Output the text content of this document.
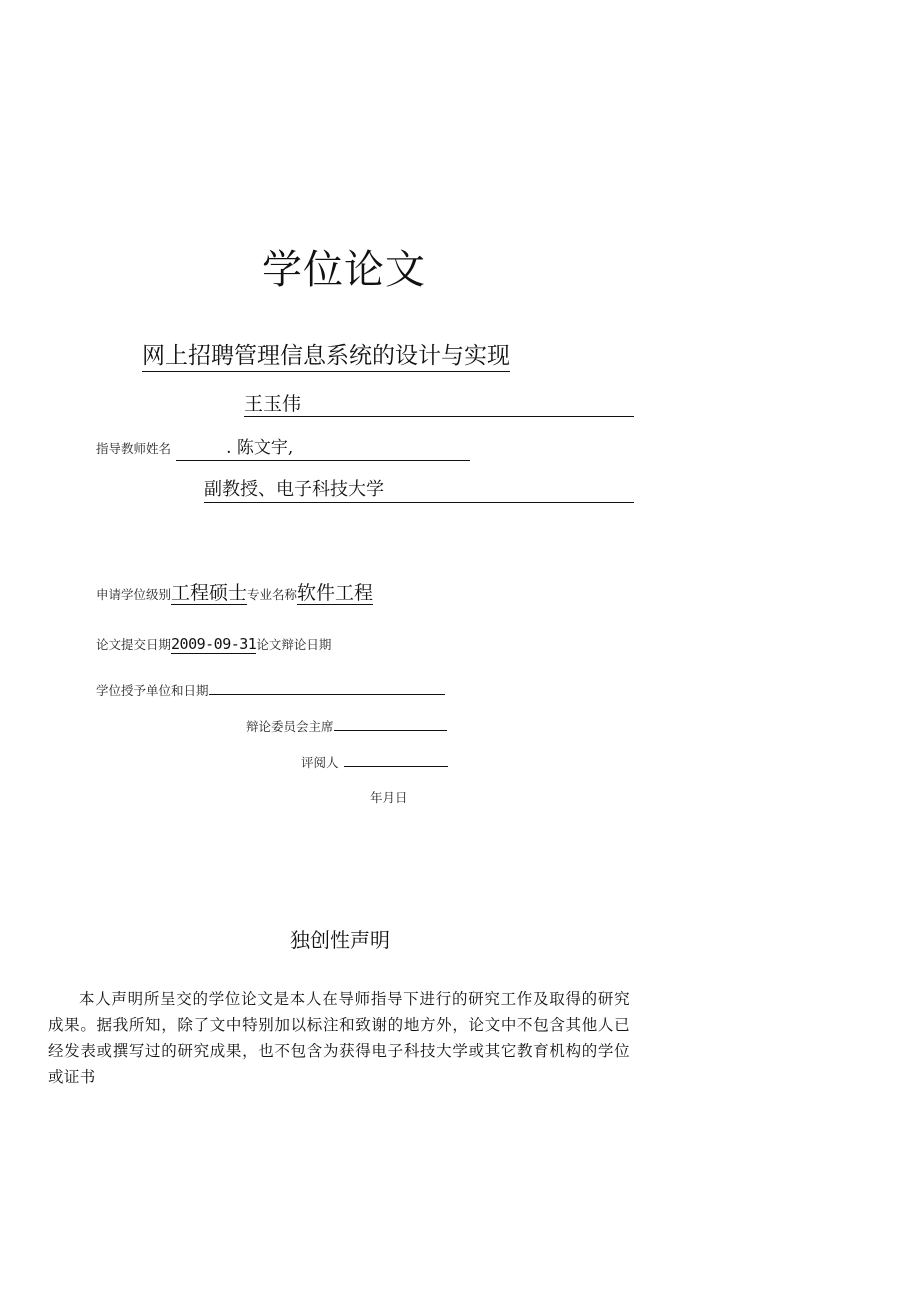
学位论文
网上招聘管理信息系统的设计与实现
王玉伟
指导教师姓名	. 陈文宇,
副教授、电子科技大学
申请学位级别工程硕士专业名称软件工程
论文提交日期2009-09-31论文辩论日期
学位授予单位和日期
辩论委员会主席
评阅人
年月日
独创性声明
本人声明所呈交的学位论文是本人在导师指导下进行的研究工作及取得的研究成果。据我所知，除了文中特别加以标注和致谢的地方外，论文中不包含其他人已经发表或撰写过的研究成果，也不包含为获得电子科技大学或其它教育机构的学位或证书
